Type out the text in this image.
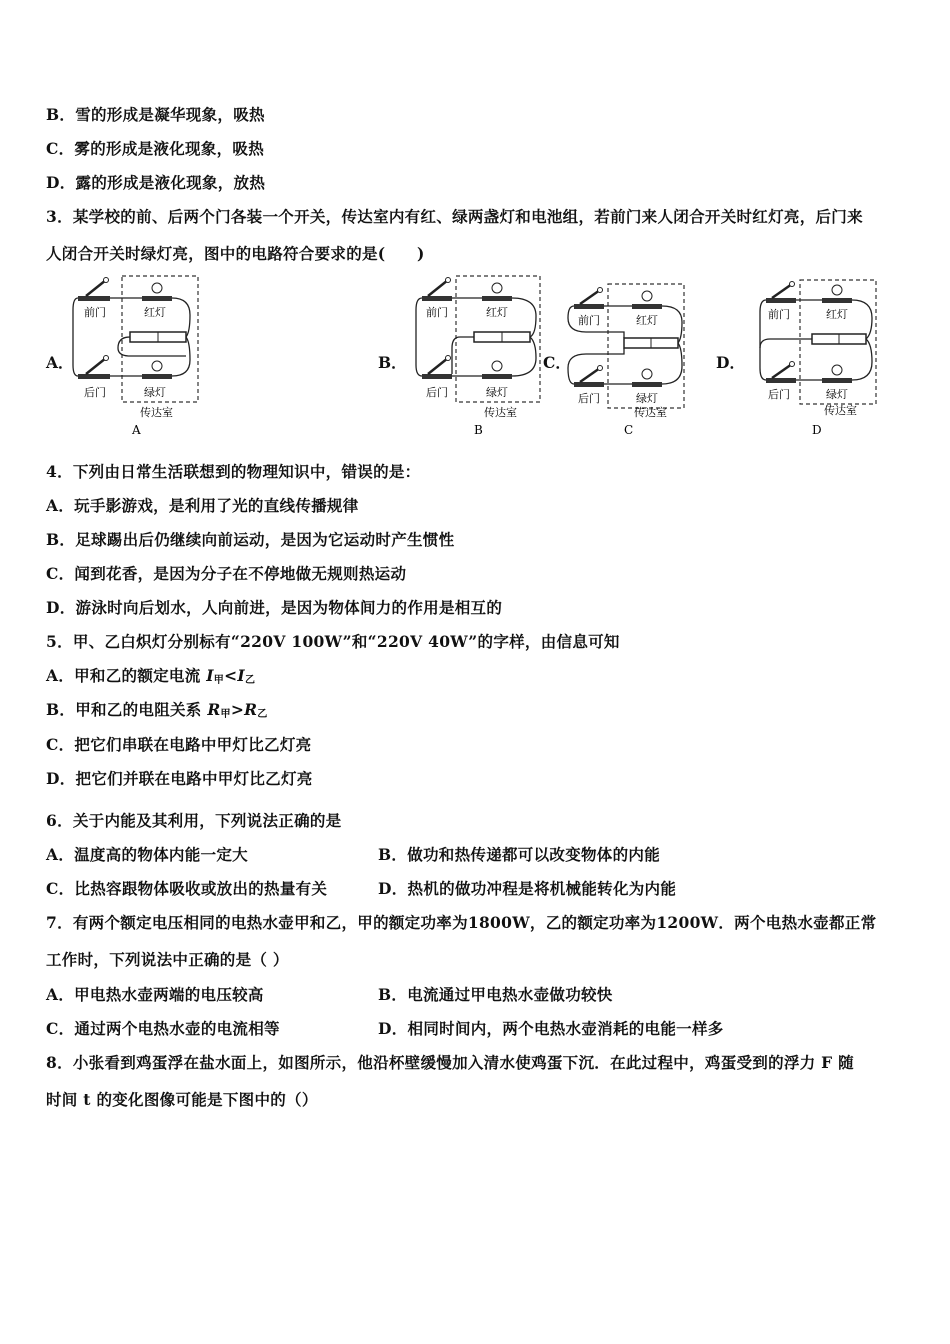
B．雪的形成是凝华现象，吸热
C．雾的形成是液化现象，吸热
D．露的形成是液化现象，放热
3．某学校的前、后两个门各装一个开关，传达室内有红、绿两盏灯和电池组，若前门来人闭合开关时红灯亮，后门来
人闭合开关时绿灯亮，图中的电路符合要求的是(　　)
A．	B．	C．	D．
前门	红灯
后门	绿灯
传达室
A
前门	红灯
后门	绿灯
传达室
B
前门	红灯
后门	绿灯
传达室
C
前门	红灯
后门	绿灯
传达室
D
4．下列由日常生活联想到的物理知识中，错误的是：
A．玩手影游戏，是利用了光的直线传播规律
B．足球踢出后仍继续向前运动，是因为它运动时产生惯性
C．闻到花香，是因为分子在不停地做无规则热运动
D．游泳时向后划水，人向前进，是因为物体间力的作用是相互的
5．甲、乙白炽灯分别标有“220V 100W”和“220V 40W”的字样，由信息可知
A．甲和乙的额定电流 $I_甲<I_乙$
B．甲和乙的电阻关系 $R_甲>R_乙$
C．把它们串联在电路中甲灯比乙灯亮
D．把它们并联在电路中甲灯比乙灯亮
6．关于内能及其利用，下列说法正确的是
A．温度高的物体内能一定大	B．做功和热传递都可以改变物体的内能
C．比热容跟物体吸收或放出的热量有关	D．热机的做功冲程是将机械能转化为内能
7．有两个额定电压相同的电热水壶甲和乙，甲的额定功率为1800W，乙的额定功率为1200W．两个电热水壶都正常
工作时，下列说法中正确的是（ ）
A．甲电热水壶两端的电压较高	B．电流通过甲电热水壶做功较快
C．通过两个电热水壶的电流相等	D．相同时间内，两个电热水壶消耗的电能一样多
8．小张看到鸡蛋浮在盐水面上，如图所示，他沿杯壁缓慢加入清水使鸡蛋下沉．在此过程中，鸡蛋受到的浮力 F 随
时间 t 的变化图像可能是下图中的（）
